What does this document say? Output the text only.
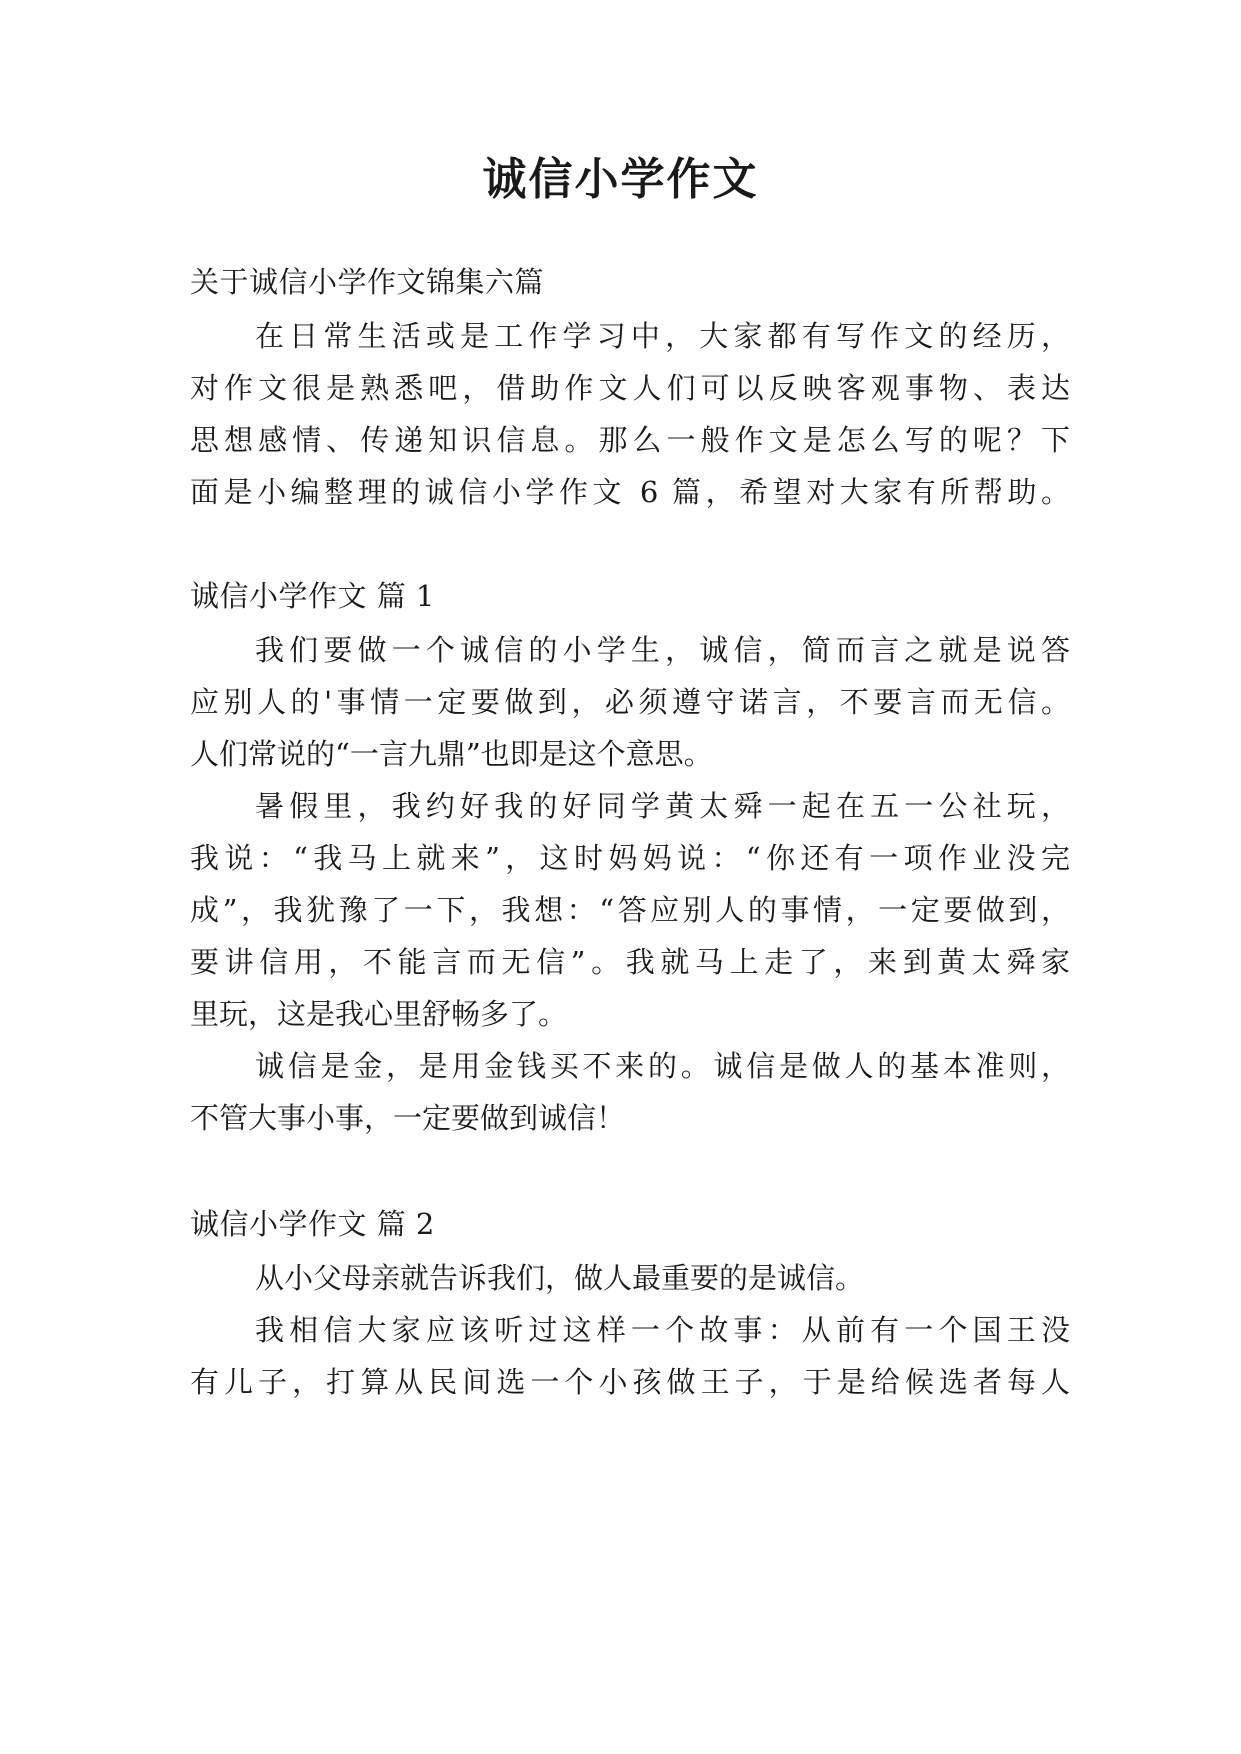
诚信小学作文

关于诚信小学作文锦集六篇

在日常生活或是工作学习中，大家都有写作文的经历，

对作文很是熟悉吧，借助作文人们可以反映客观事物、表达

思想感情、传递知识信息。那么一般作文是怎么写的呢？下

面是小编整理的诚信小学作文 6 篇，希望对大家有所帮助。

诚信小学作文 篇 1

我们要做一个诚信的小学生，诚信，简而言之就是说答

应别人的'事情一定要做到，必须遵守诺言，不要言而无信。

人们常说的“一言九鼎”也即是这个意思。

暑假里，我约好我的好同学黄太舜一起在五一公社玩，

我说：“我马上就来”，这时妈妈说：“你还有一项作业没完

成”，我犹豫了一下，我想：“答应别人的事情，一定要做到，

要讲信用，不能言而无信”。我就马上走了，来到黄太舜家

里玩，这是我心里舒畅多了。

诚信是金，是用金钱买不来的。诚信是做人的基本准则，

不管大事小事，一定要做到诚信！

诚信小学作文 篇 2

从小父母亲就告诉我们，做人最重要的是诚信。

我相信大家应该听过这样一个故事：从前有一个国王没

有儿子，打算从民间选一个小孩做王子，于是给候选者每人
